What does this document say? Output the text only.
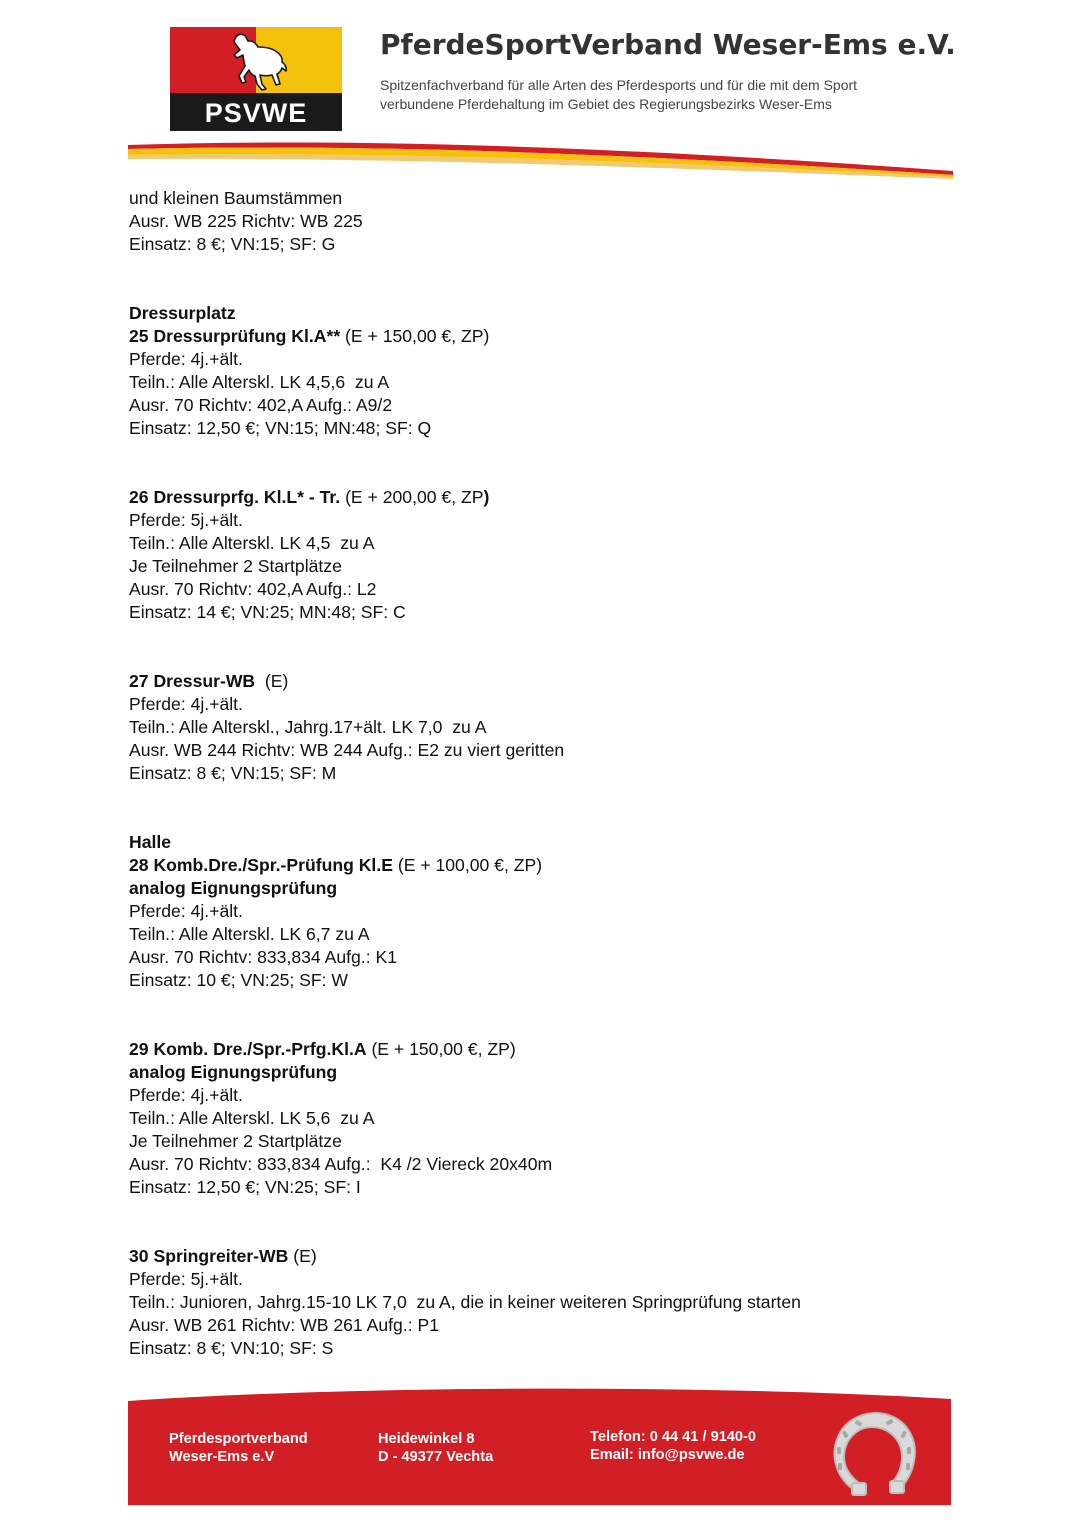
PSVWE
PferdeSportVerband Weser-Ems e.V.
Spitzenfachverband für alle Arten des Pferdesports und für die mit dem Sport
verbundene Pferdehaltung im Gebiet des Regierungsbezirks Weser-Ems
und kleinen Baumstämmen
Ausr. WB 225 Richtv: WB 225
Einsatz: 8 €; VN:15; SF: G
Dressurplatz
25 Dressurprüfung Kl.A** (E + 150,00 €, ZP)
Pferde: 4j.+ält.
Teiln.: Alle Alterskl. LK 4,5,6  zu A
Ausr. 70 Richtv: 402,A Aufg.: A9/2
Einsatz: 12,50 €; VN:15; MN:48; SF: Q
26 Dressurprfg. Kl.L* - Tr. (E + 200,00 €, ZP)
Pferde: 5j.+ält.
Teiln.: Alle Alterskl. LK 4,5  zu A
Je Teilnehmer 2 Startplätze
Ausr. 70 Richtv: 402,A Aufg.: L2
Einsatz: 14 €; VN:25; MN:48; SF: C
27 Dressur-WB  (E)
Pferde: 4j.+ält.
Teiln.: Alle Alterskl., Jahrg.17+ält. LK 7,0  zu A
Ausr. WB 244 Richtv: WB 244 Aufg.: E2 zu viert geritten
Einsatz: 8 €; VN:15; SF: M
Halle
28 Komb.Dre./Spr.-Prüfung Kl.E (E + 100,00 €, ZP)
analog Eignungsprüfung
Pferde: 4j.+ält.
Teiln.: Alle Alterskl. LK 6,7 zu A
Ausr. 70 Richtv: 833,834 Aufg.: K1
Einsatz: 10 €; VN:25; SF: W
29 Komb. Dre./Spr.-Prfg.Kl.A (E + 150,00 €, ZP)
analog Eignungsprüfung
Pferde: 4j.+ält.
Teiln.: Alle Alterskl. LK 5,6  zu A
Je Teilnehmer 2 Startplätze
Ausr. 70 Richtv: 833,834 Aufg.:  K4 /2 Viereck 20x40m
Einsatz: 12,50 €; VN:25; SF: I
30 Springreiter-WB (E)
Pferde: 5j.+ält.
Teiln.: Junioren, Jahrg.15-10 LK 7,0  zu A, die in keiner weiteren Springprüfung starten
Ausr. WB 261 Richtv: WB 261 Aufg.: P1
Einsatz: 8 €; VN:10; SF: S
Pferdesportverband
Weser-Ems e.V
Heidewinkel 8
D - 49377 Vechta
Telefon: 0 44 41 / 9140-0
Email: info@psvwe.de
